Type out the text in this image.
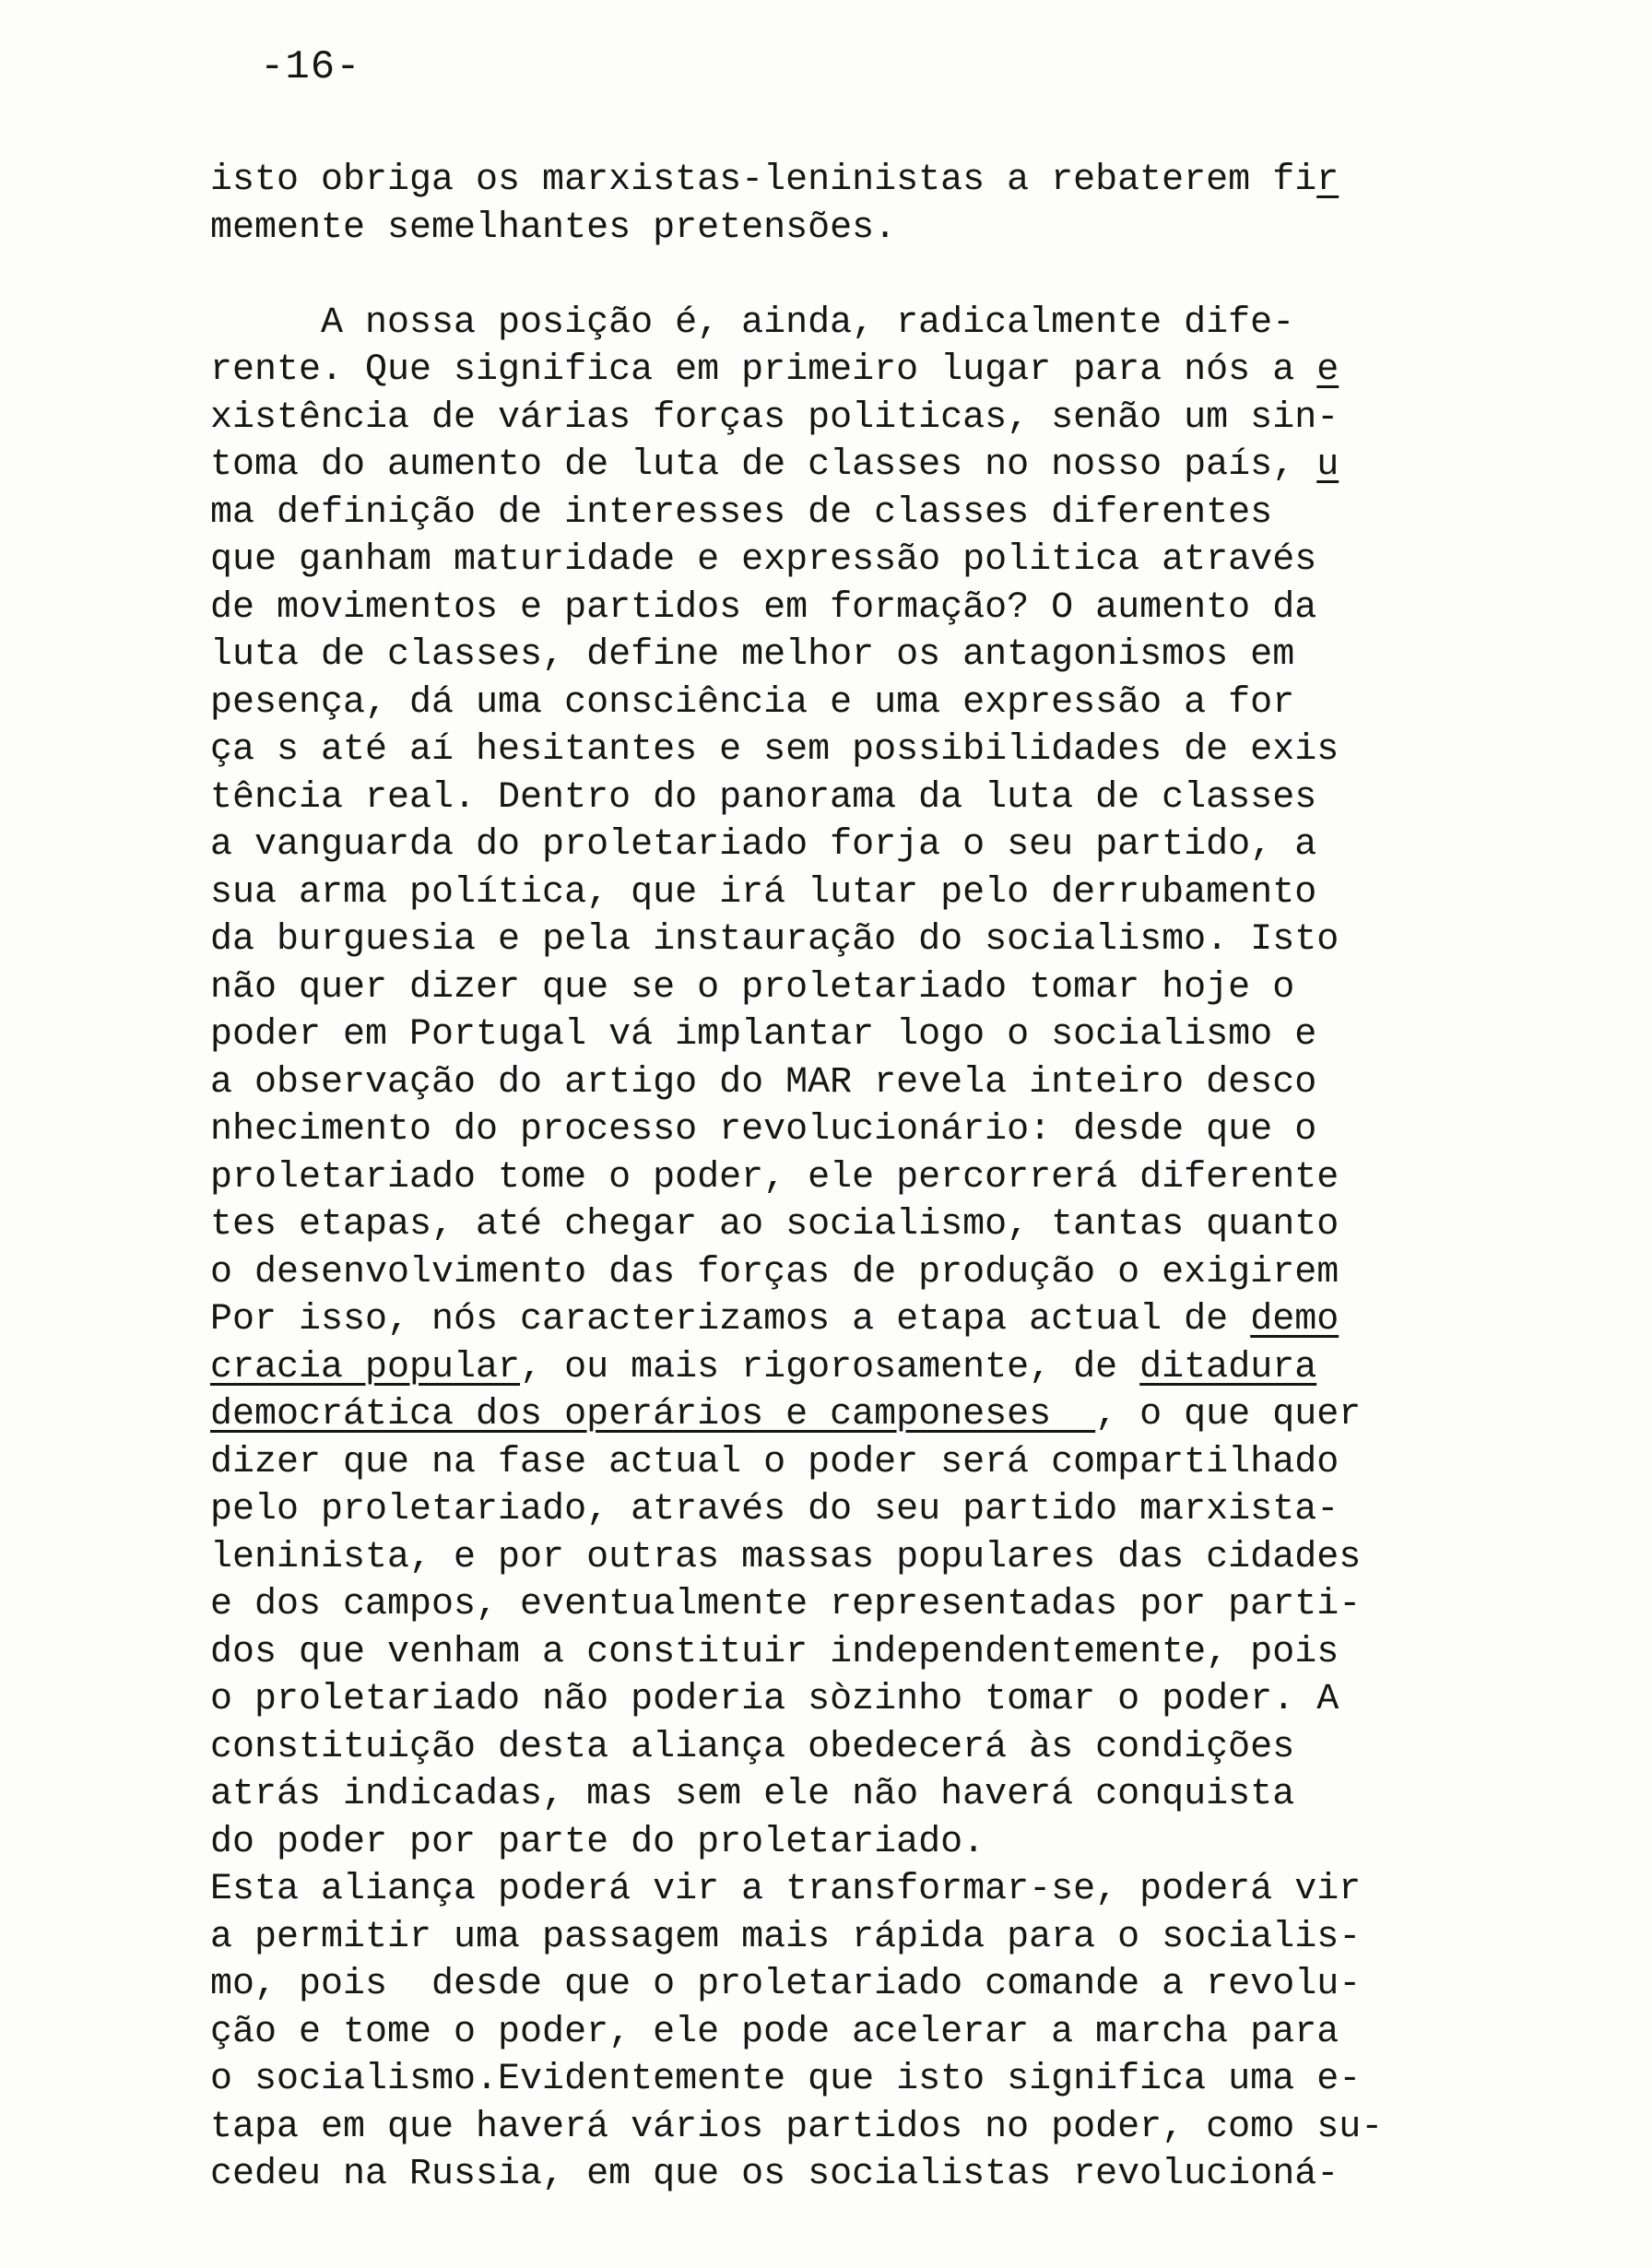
-16-
isto obriga os marxistas-leninistas a rebaterem fir
memente semelhantes pretensões.

A nossa posição é, ainda, radicalmente dife-
rente. Que significa em primeiro lugar para nós a e
xistência de várias forças politicas, senão um sin-
toma do aumento de luta de classes no nosso país, u
ma definição de interesses de classes diferentes
que ganham maturidade e expressão politica através
de movimentos e partidos em formação? O aumento da
luta de classes, define melhor os antagonismos em
pesença, dá uma consciência e uma expressão a for
ça s até aí hesitantes e sem possibilidades de exis
tência real. Dentro do panorama da luta de classes
a vanguarda do proletariado forja o seu partido, a
sua arma política, que irá lutar pelo derrubamento
da burguesia e pela instauração do socialismo. Isto
não quer dizer que se o proletariado tomar hoje o
poder em Portugal vá implantar logo o socialismo e
a observação do artigo do MAR revela inteiro desco
nhecimento do processo revolucionário: desde que o
proletariado tome o poder, ele percorrerá diferente
tes etapas, até chegar ao socialismo, tantas quanto
o desenvolvimento das forças de produção o exigirem
Por isso, nós caracterizamos a etapa actual de demo
cracia popular, ou mais rigorosamente, de ditadura
democrática dos operários e camponeses  , o que quer
dizer que na fase actual o poder será compartilhado
pelo proletariado, através do seu partido marxista-
leninista, e por outras massas populares das cidades
e dos campos, eventualmente representadas por parti-
dos que venham a constituir independentemente, pois
o proletariado não poderia sòzinho tomar o poder. A
constituição desta aliança obedecerá às condições
atrás indicadas, mas sem ele não haverá conquista
do poder por parte do proletariado.
Esta aliança poderá vir a transformar-se, poderá vir
a permitir uma passagem mais rápida para o socialis-
mo, pois  desde que o proletariado comande a revolu-
ção e tome o poder, ele pode acelerar a marcha para
o socialismo.Evidentemente que isto significa uma e-
tapa em que haverá vários partidos no poder, como su-
cedeu na Russia, em que os socialistas revolucioná-
